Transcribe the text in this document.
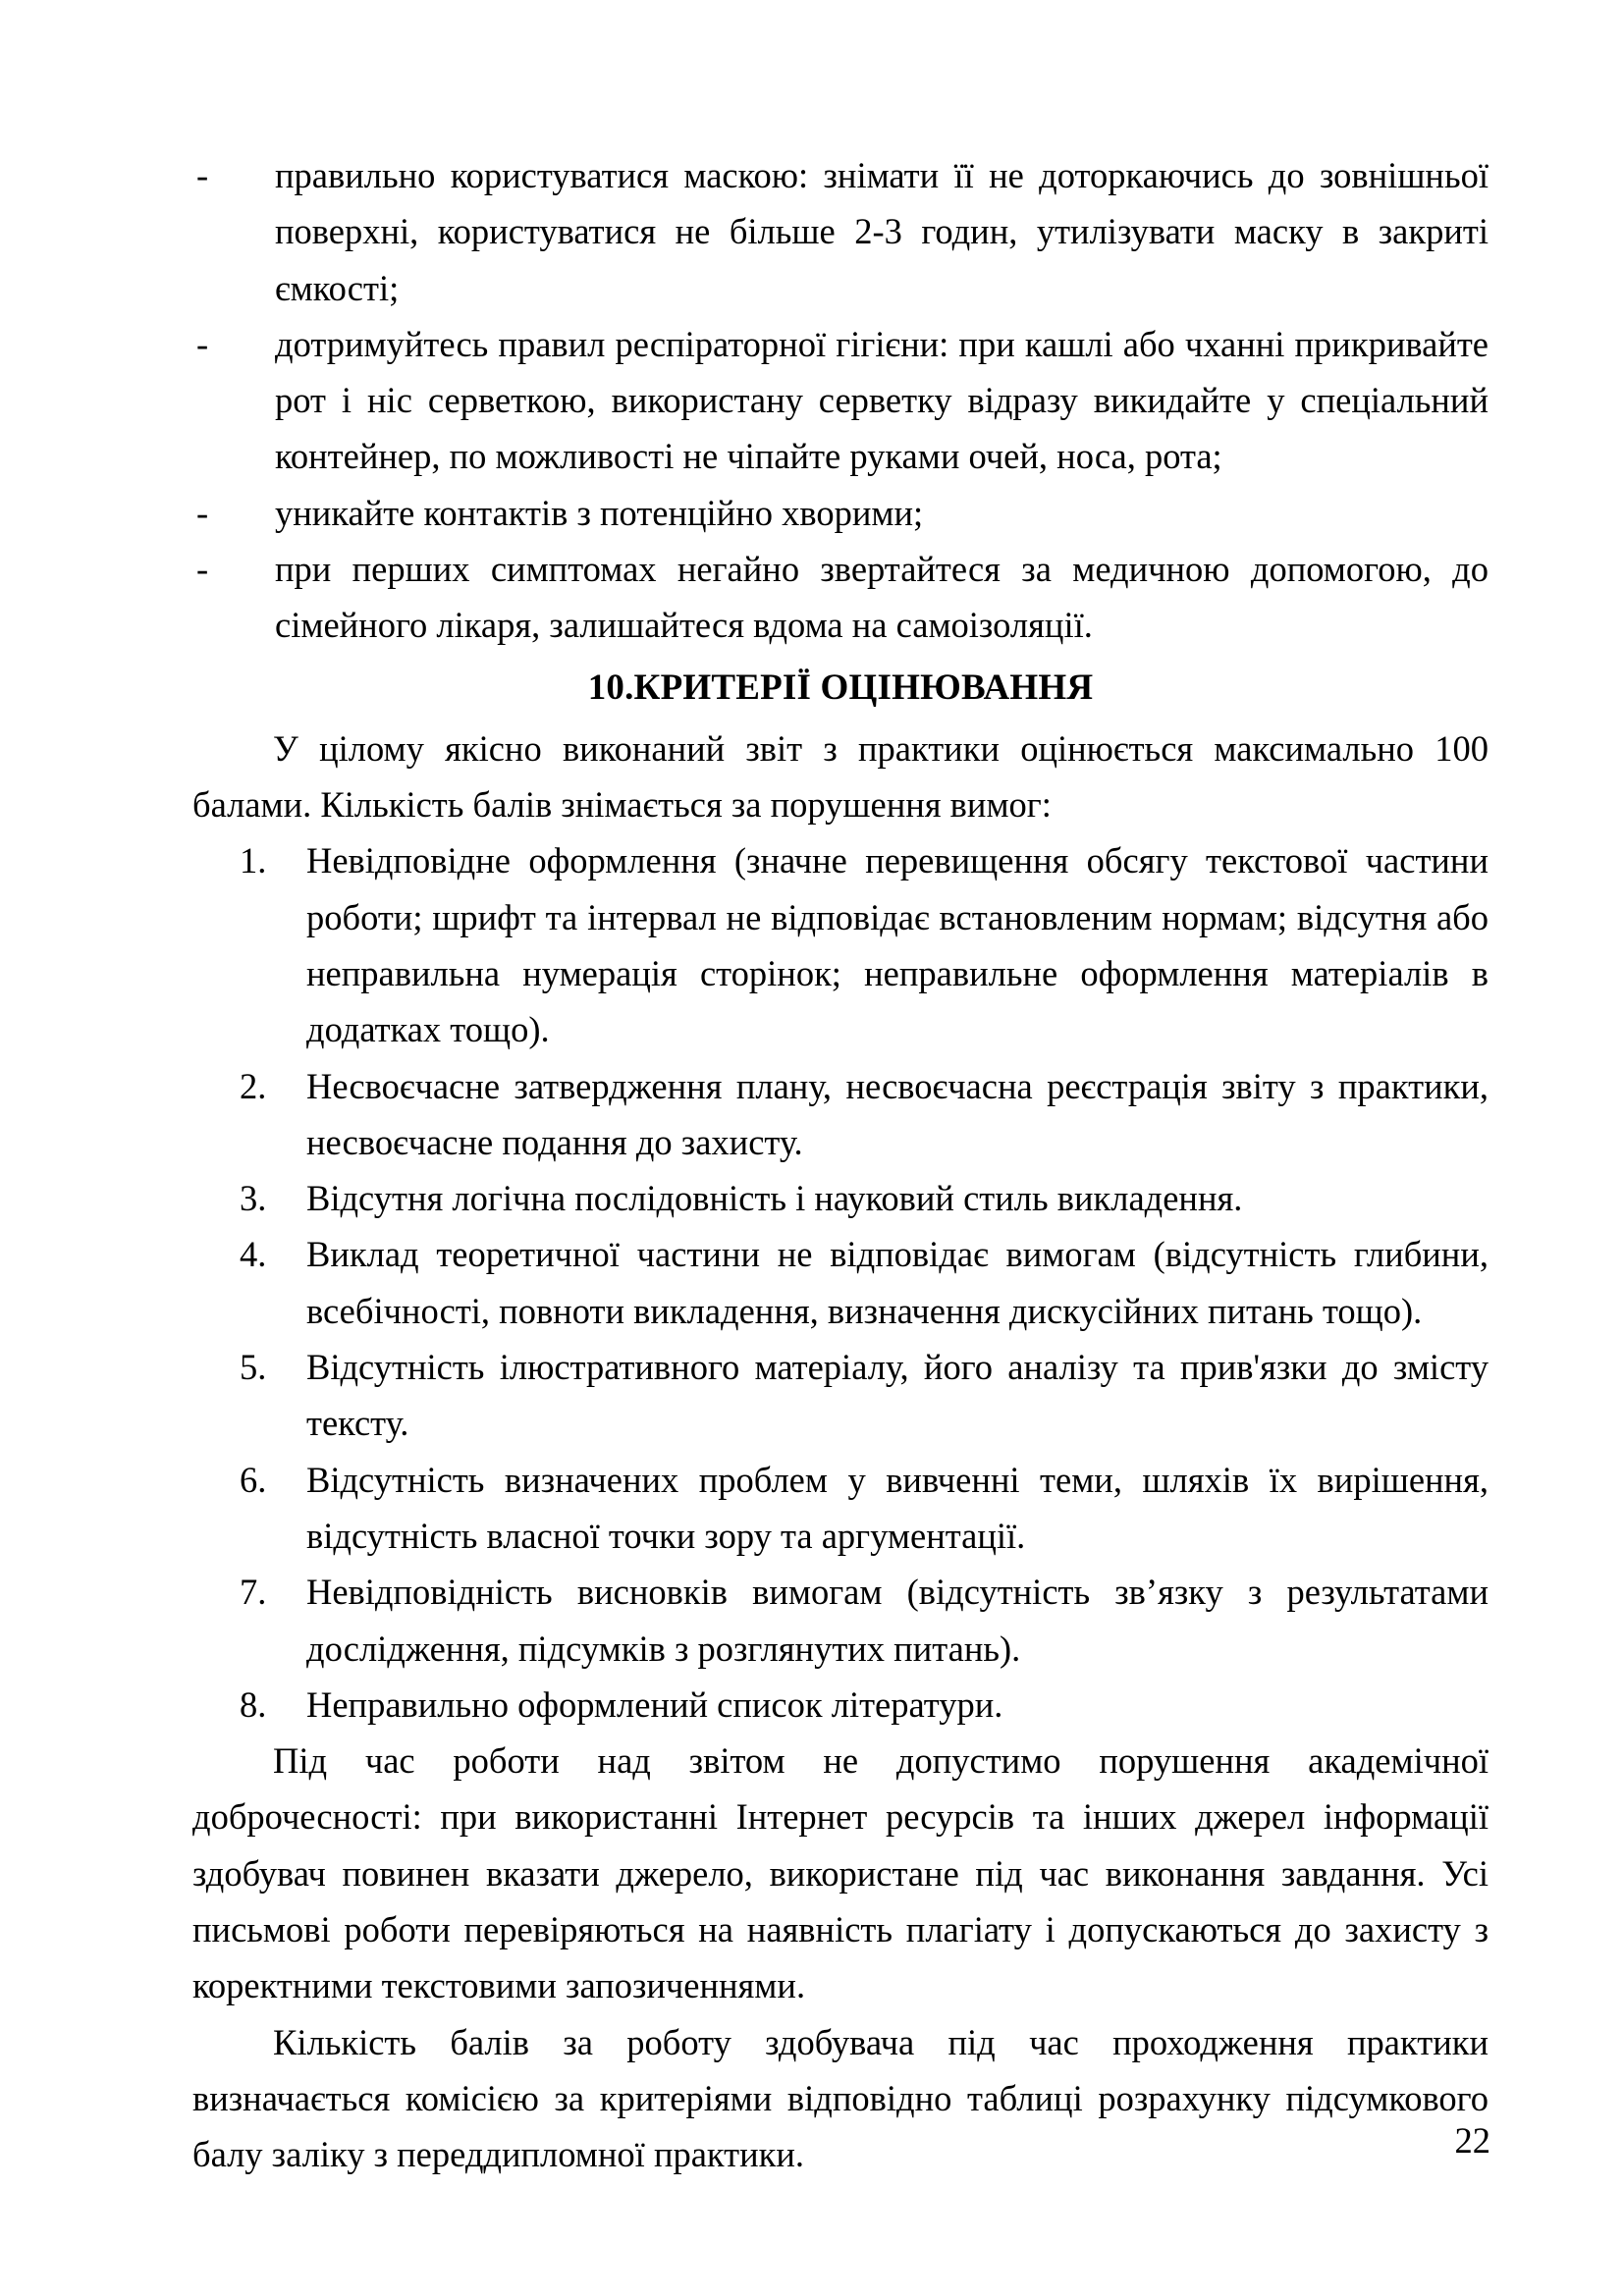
-	правильно користуватися маскою: знімати її не доторкаючись до зовнішньої поверхні, користуватися не більше 2-3 годин, утилізувати маску в закриті ємкості;
-	дотримуйтесь правил респіраторної гігієни: при кашлі або чханні прикривайте рот і ніс серветкою, використану серветку відразу викидайте у спеціальний контейнер, по можливості не чіпайте руками очей, носа, рота;
-	уникайте контактів з потенційно хворими;
-	при перших симптомах негайно звертайтеся за медичною допомогою, до сімейного лікаря, залишайтеся вдома на самоізоляції.
10.КРИТЕРІЇ ОЦІНЮВАННЯ

У цілому якісно виконаний звіт з практики оцінюється максимально 100 балами. Кількість балів знімається за порушення вимог:

1.	Невідповідне оформлення (значне перевищення обсягу текстової частини роботи; шрифт та інтервал не відповідає встановленим нормам; відсутня або неправильна нумерація сторінок; неправильне оформлення матеріалів в додатках тощо).
2.	Несвоєчасне затвердження плану, несвоєчасна реєстрація звіту з практики, несвоєчасне подання до захисту.
3.	Відсутня логічна послідовність і науковий стиль викладення.
4.	Виклад теоретичної частини не відповідає вимогам (відсутність глибини, всебічності, повноти викладення, визначення дискусійних питань тощо).
5.	Відсутність ілюстративного матеріалу, його аналізу та прив'язки до змісту тексту.
6.	Відсутність визначених проблем у вивченні теми, шляхів їх вирішення, відсутність власної точки зору та аргументації.
7.	Невідповідність висновків вимогам (відсутність зв’язку з результатами дослідження, підсумків з розглянутих питань).
8.	Неправильно оформлений список літератури.

Під час роботи над звітом не допустимо порушення академічної доброчесності: при використанні Інтернет ресурсів та інших джерел інформації здобувач повинен вказати джерело, використане під час виконання завдання. Усі письмові роботи перевіряються на наявність плагіату і допускаються до захисту з коректними текстовими запозиченнями.

Кількість балів за роботу здобувача під час проходження практики визначається комісією за критеріями відповідно таблиці розрахунку підсумкового балу заліку з переддипломної практики.	22
